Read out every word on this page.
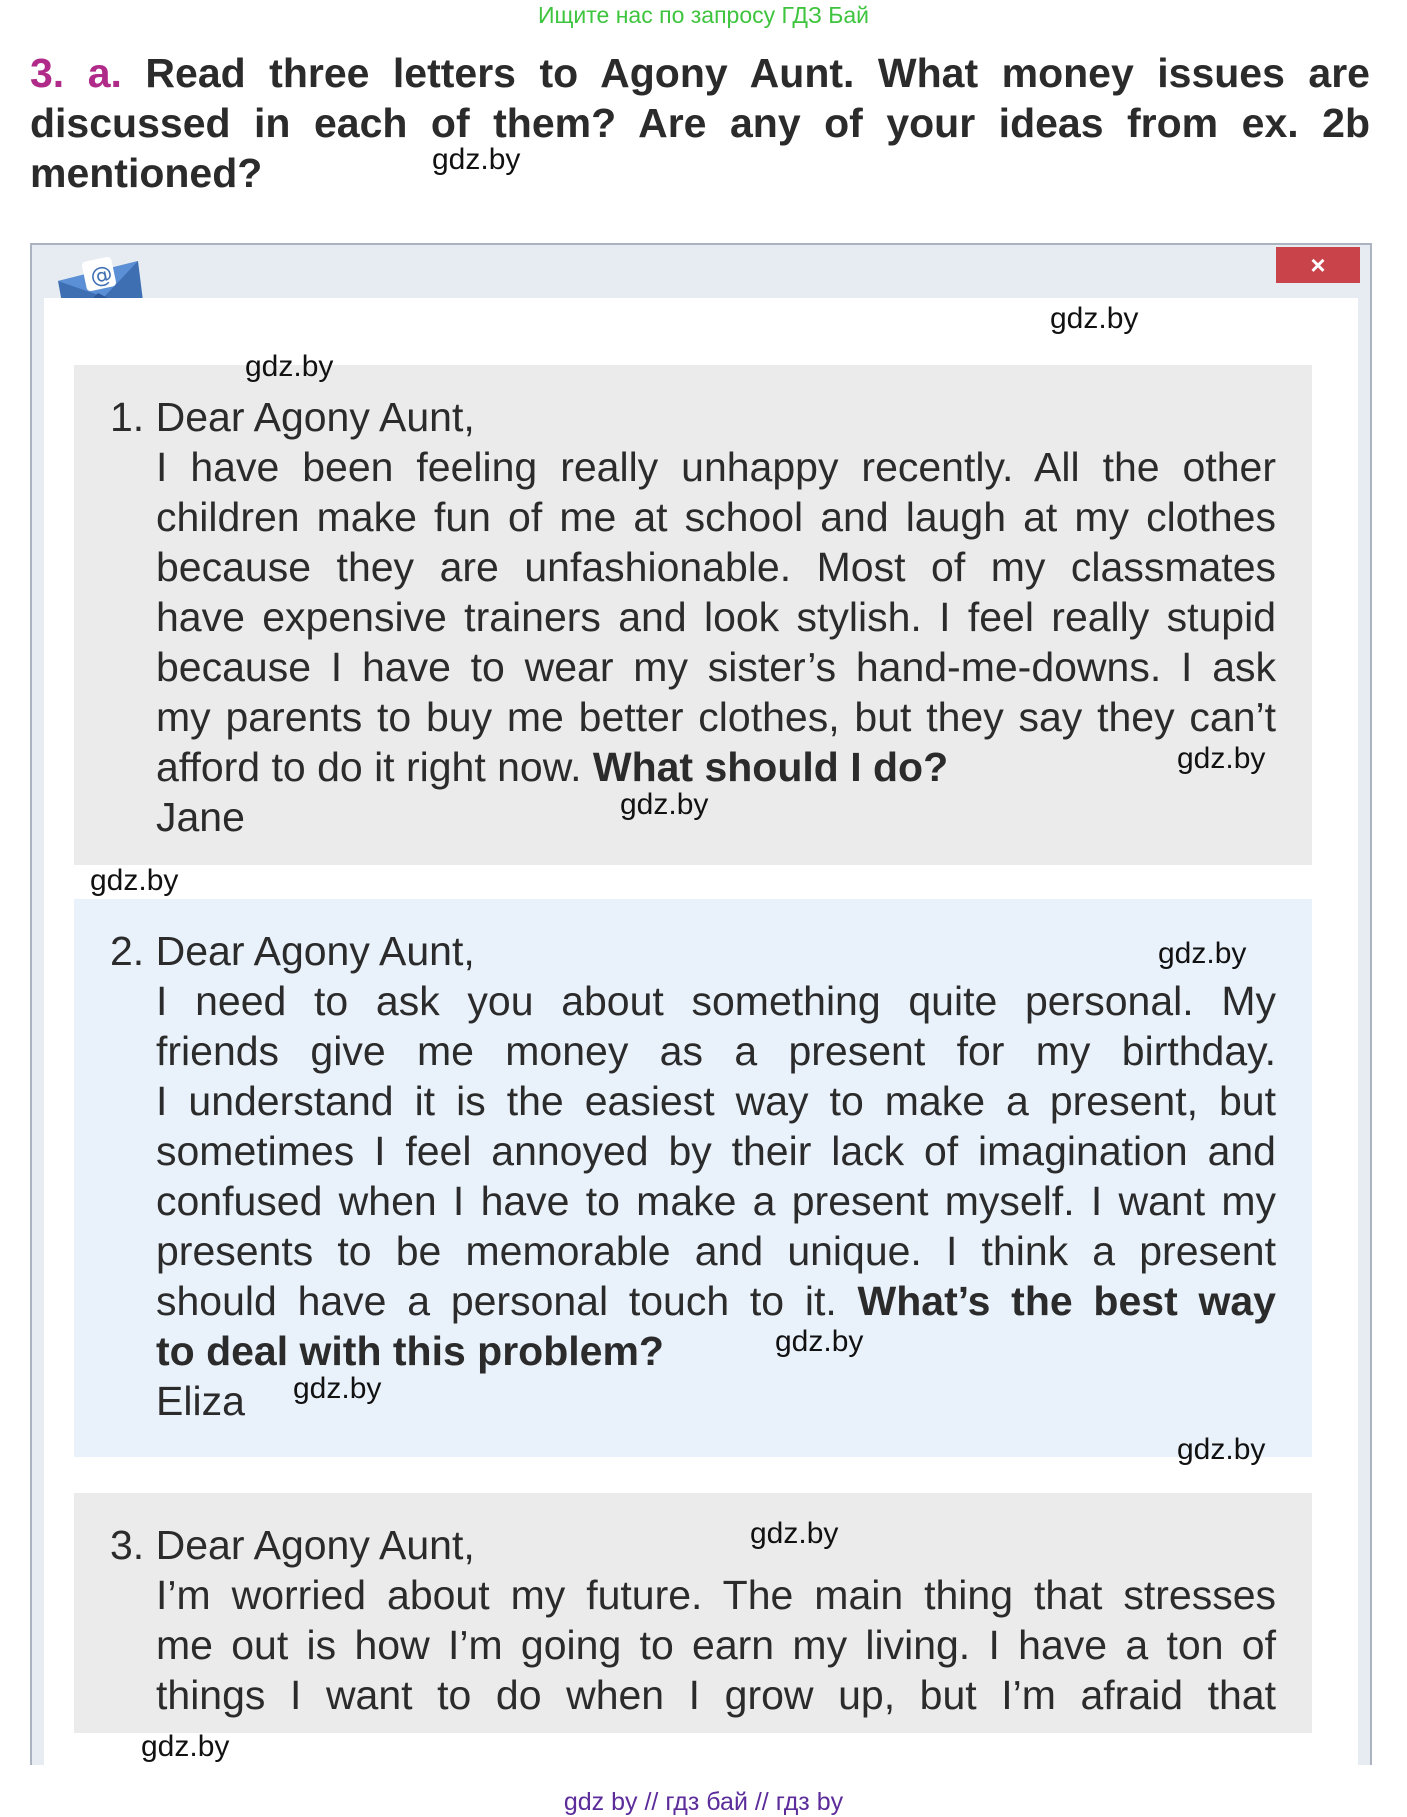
Ищите нас по запросу ГДЗ Бай
3. a. Read three letters to Agony Aunt. What money issues are
discussed in each of them? Are any of your ideas from ex. 2b
mentioned?
@	×

1. Dear Agony Aunt,
I have been feeling really unhappy recently. All the other
children make fun of me at school and laugh at my clothes
because they are unfashionable. Most of my classmates
have expensive trainers and look stylish. I feel really stupid
because I have to wear my sister’s hand-me-downs. I ask
my parents to buy me better clothes, but they say they can’t
afford to do it right now. What should I do?
Jane

2. Dear Agony Aunt,
I need to ask you about something quite personal. My
friends give me money as a present for my birthday.
I understand it is the easiest way to make a present, but
sometimes I feel annoyed by their lack of imagination and
confused when I have to make a present myself. I want my
presents to be memorable and unique. I think a present
should have a personal touch to it. What’s the best way
to deal with this problem?
Eliza

3. Dear Agony Aunt,
I’m worried about my future. The main thing that stresses
me out is how I’m going to earn my living. I have a ton of
things I want to do when I grow up, but I’m afraid that

gdz.by
gdz.by
gdz.by
gdz.by
gdz.by
gdz.by
gdz.by
gdz.by
gdz.by
gdz.by
gdz.by
gdz.by
gdz by // гдз бай // гдз by
